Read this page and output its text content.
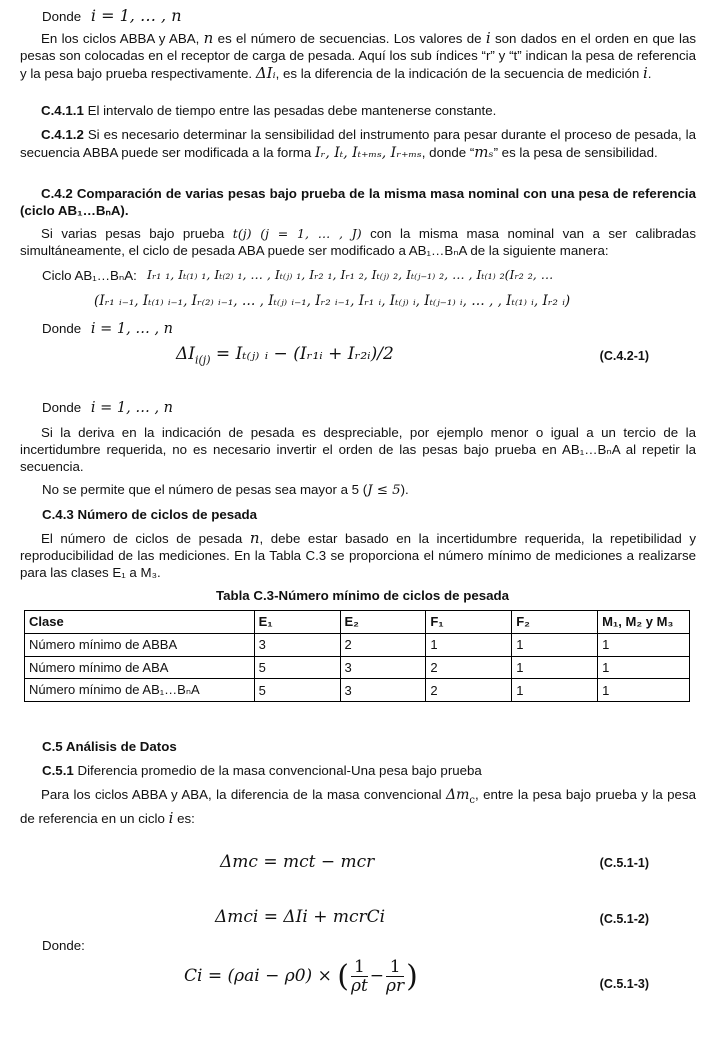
Donde i = 1, … , n
En los ciclos ABBA y ABA, n es el número de secuencias. Los valores de i son dados en el orden en que las pesas son colocadas en el receptor de carga de pesada. Aquí los sub índices “r” y “t” indican la pesa de referencia y la pesa bajo prueba respectivamente. ΔIᵢ, es la diferencia de la indicación de la secuencia de medición i.
C.4.1.1 El intervalo de tiempo entre las pesadas debe mantenerse constante.
C.4.1.2 Si es necesario determinar la sensibilidad del instrumento para pesar durante el proceso de pesada, la secuencia ABBA puede ser modificada a la forma Iᵣ, Iₜ, Iₜ₊ₘₛ, Iᵣ₊ₘₛ, donde “mₛ” es la pesa de sensibilidad.
C.4.2 Comparación de varias pesas bajo prueba de la misma masa nominal con una pesa de referencia (ciclo AB₁…BₙA).
Si varias pesas bajo prueba t(j) (j = 1, … , J) con la misma masa nominal van a ser calibradas simultáneamente, el ciclo de pesada ABA puede ser modificado a AB₁…BₙA de la siguiente manera:
Ciclo AB₁…BₙA: Iᵣ₁ ₁, Iₜ₍₁₎ ₁, Iₜ₍₂₎ ₁, … , Iₜ₍ⱼ₎ ₁, Iᵣ₂ ₁, Iᵣ₁ ₂, Iₜ₍ⱼ₎ ₂, Iₜ₍ⱼ₋₁₎ ₂, … , Iₜ₍₁₎ ₂(Iᵣ₂ ₂, …
(Iᵣ₁ ᵢ₋₁, Iₜ₍₁₎ ᵢ₋₁, Iᵣ₍₂₎ ᵢ₋₁, … , Iₜ₍ⱼ₎ ᵢ₋₁, Iᵣ₂ ᵢ₋₁, Iᵣ₁ ᵢ, Iₜ₍ⱼ₎ ᵢ, Iₜ₍ⱼ₋₁₎ ᵢ, … , , Iₜ₍₁₎ ᵢ, Iᵣ₂ ᵢ)
Donde i = 1, … , n
$\Delta I_{i(j)}$ = Iₜ₍ⱼ₎ ᵢ − (Iᵣ₁ᵢ + Iᵣ₂ᵢ)/2	(C.4.2-1)
Donde i = 1, … , n
Si la deriva en la indicación de pesada es despreciable, por ejemplo menor o igual a un tercio de la incertidumbre requerida, no es necesario invertir el orden de las pesas bajo prueba en AB₁…BₙA al repetir la secuencia.
No se permite que el número de pesas sea mayor a 5 (J ≤ 5).
C.4.3 Número de ciclos de pesada
El número de ciclos de pesada n, debe estar basado en la incertidumbre requerida, la repetibilidad y reproducibilidad de las mediciones. En la Tabla C.3 se proporciona el número mínimo de mediciones a realizarse para las clases E₁ a M₃.
Tabla C.3-Número mínimo de ciclos de pesada
Clase	E₁	E₂	F₁	F₂	M₁, M₂ y M₃
Número mínimo de ABBA	3	2	1	1	1
Número mínimo de ABA	5	3	2	1	1
Número mínimo de AB₁…BₙA	5	3	2	1	1
C.5 Análisis de Datos
C.5.1 Diferencia promedio de la masa convencional-Una pesa bajo prueba
Para los ciclos ABBA y ABA, la diferencia de la masa convencional $\Delta m_c$, entre la pesa bajo prueba y la pesa de referencia en un ciclo i es:
Δmc = mct − mcr	(C.5.1-1)
Δmci = ΔIi + mcrCi	(C.5.1-2)
Donde:
Ci = (ρai − ρ0) × ( $\frac{1}{\rho t} - \frac{1}{\rho r}$ )	(C.5.1-3)
